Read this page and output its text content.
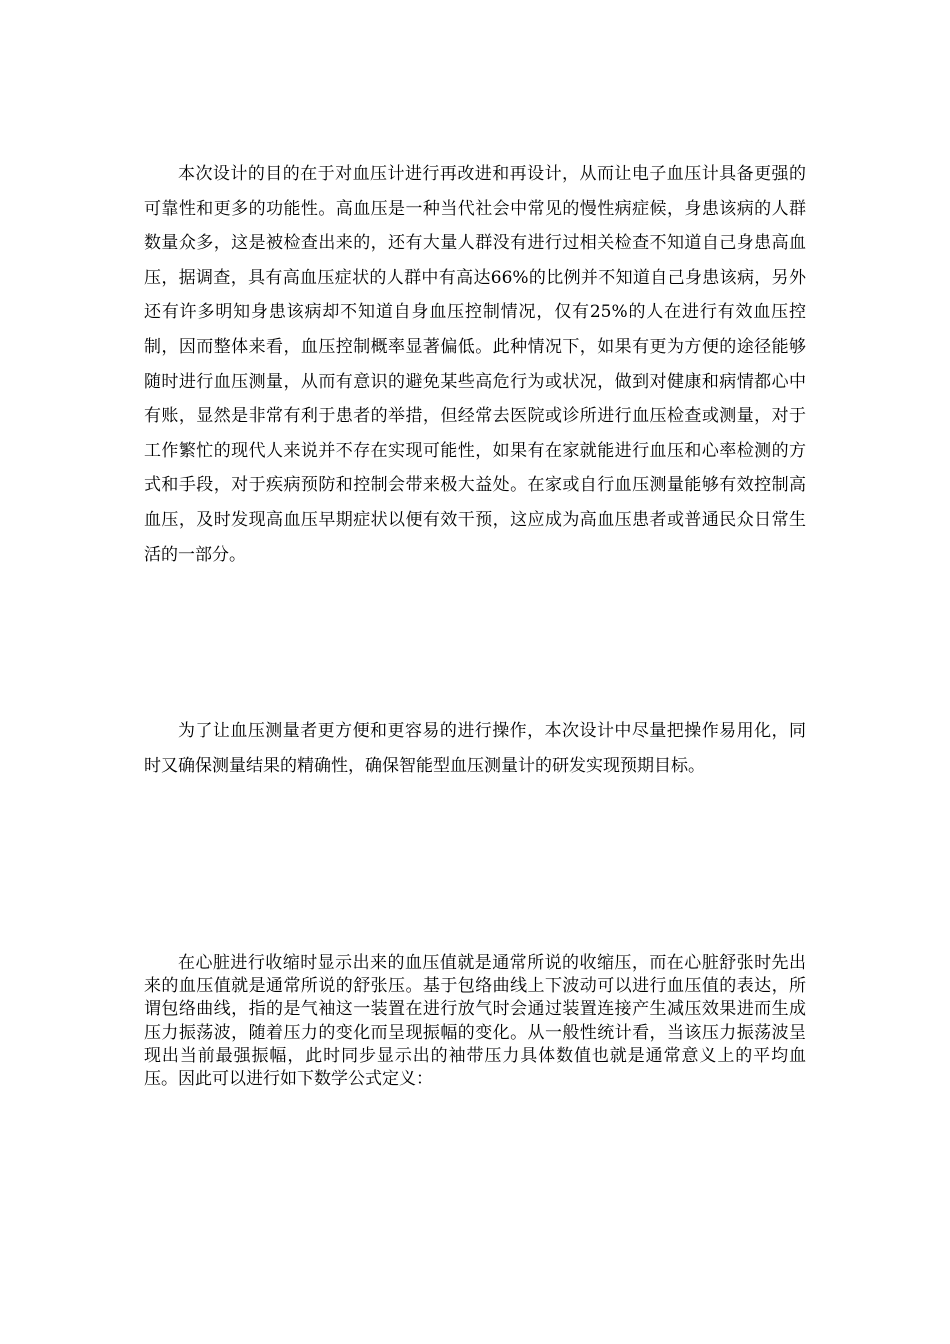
本次设计的目的在于对血压计进行再改进和再设计，从而让电子血压计具备更强的可靠性和更多的功能性。高血压是一种当代社会中常见的慢性病症候，身患该病的人群数量众多，这是被检查出来的，还有大量人群没有进行过相关检查不知道自己身患高血压，据调查，具有高血压症状的人群中有高达66%的比例并不知道自己身患该病，另外还有许多明知身患该病却不知道自身血压控制情况，仅有25%的人在进行有效血压控制，因而整体来看，血压控制概率显著偏低。此种情况下，如果有更为方便的途径能够随时进行血压测量，从而有意识的避免某些高危行为或状况，做到对健康和病情都心中有账，显然是非常有利于患者的举措，但经常去医院或诊所进行血压检查或测量，对于工作繁忙的现代人来说并不存在实现可能性，如果有在家就能进行血压和心率检测的方式和手段，对于疾病预防和控制会带来极大益处。在家或自行血压测量能够有效控制高血压，及时发现高血压早期症状以便有效干预，这应成为高血压患者或普通民众日常生活的一部分。

为了让血压测量者更方便和更容易的进行操作，本次设计中尽量把操作易用化，同时又确保测量结果的精确性，确保智能型血压测量计的研发实现预期目标。

在心脏进行收缩时显示出来的血压值就是通常所说的收缩压，而在心脏舒张时先出来的血压值就是通常所说的舒张压。基于包络曲线上下波动可以进行血压值的表达，所谓包络曲线，指的是气袖这一装置在进行放气时会通过装置连接产生减压效果进而生成压力振荡波，随着压力的变化而呈现振幅的变化。从一般性统计看，当该压力振荡波呈现出当前最强振幅，此时同步显示出的袖带压力具体数值也就是通常意义上的平均血压。因此可以进行如下数学公式定义：
